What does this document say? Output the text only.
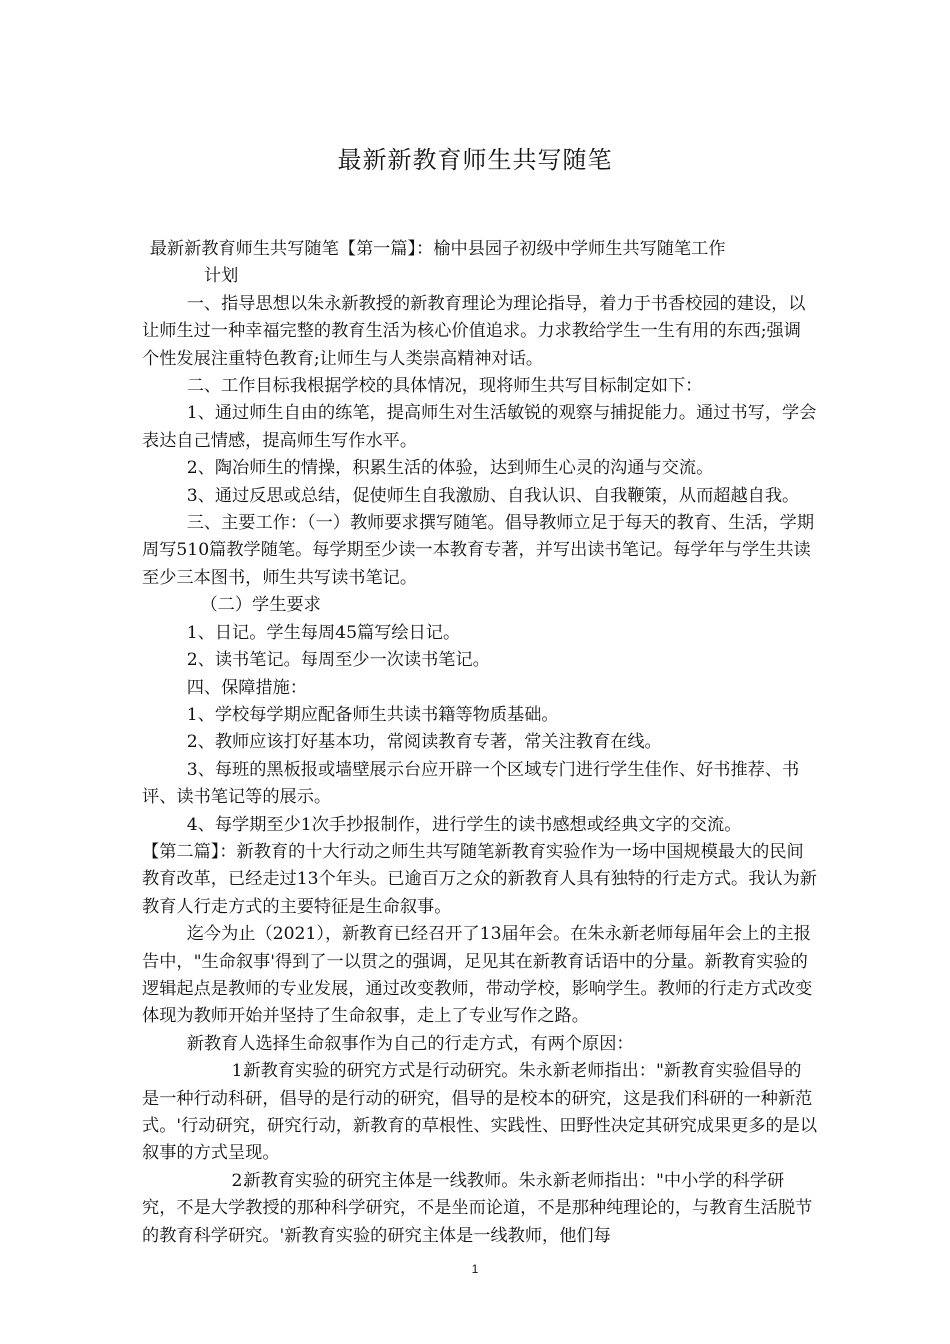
最新新教育师生共写随笔

最新新教育师生共写随笔【第一篇】：榆中县园子初级中学师生共写随笔工作
计划

一、指导思想以朱永新教授的新教育理论为理论指导，着力于书香校园的建设，以让师生过一种幸福完整的教育生活为核心价值追求。力求教给学生一生有用的东西;强调个性发展注重特色教育;让师生与人类崇高精神对话。

二、工作目标我根据学校的具体情况，现将师生共写目标制定如下：

1、通过师生自由的练笔，提高师生对生活敏锐的观察与捕捉能力。通过书写，学会表达自己情感，提高师生写作水平。

2、陶冶师生的情操，积累生活的体验，达到师生心灵的沟通与交流。

3、通过反思或总结，促使师生自我激励、自我认识、自我鞭策，从而超越自我。

三、主要工作：（一）教师要求撰写随笔。倡导教师立足于每天的教育、生活，学期周写510篇教学随笔。每学期至少读一本教育专著，并写出读书笔记。每学年与学生共读至少三本图书，师生共写读书笔记。

（二）学生要求

1、日记。学生每周45篇写绘日记。

2、读书笔记。每周至少一次读书笔记。

四、保障措施：

1、学校每学期应配备师生共读书籍等物质基础。

2、教师应该打好基本功，常阅读教育专著，常关注教育在线。

3、每班的黑板报或墙壁展示台应开辟一个区域专门进行学生佳作、好书推荐、书评、读书笔记等的展示。

4、每学期至少1次手抄报制作，进行学生的读书感想或经典文字的交流。

【第二篇】：新教育的十大行动之师生共写随笔新教育实验作为一场中国规模最大的民间教育改革，已经走过13个年头。已逾百万之众的新教育人具有独特的行走方式。我认为新教育人行走方式的主要特征是生命叙事。

迄今为止（2021），新教育已经召开了13届年会。在朱永新老师每届年会上的主报告中，"生命叙事'得到了一以贯之的强调，足见其在新教育话语中的分量。新教育实验的逻辑起点是教师的专业发展，通过改变教师，带动学校，影响学生。教师的行走方式改变体现为教师开始并坚持了生命叙事，走上了专业写作之路。

新教育人选择生命叙事作为自己的行走方式，有两个原因：

1.新教育实验的研究方式是行动研究。朱永新老师指出："新教育实验倡导的是一种行动科研，倡导的是行动的研究，倡导的是校本的研究，这是我们科研的一种新范式。'行动研究，研究行动，新教育的草根性、实践性、田野性决定其研究成果更多的是以叙事的方式呈现。

2.新教育实验的研究主体是一线教师。朱永新老师指出："中小学的科学研究，不是大学教授的那种科学研究，不是坐而论道，不是那种纯理论的，与教育生活脱节的教育科学研究。'新教育实验的研究主体是一线教师，他们每

1
